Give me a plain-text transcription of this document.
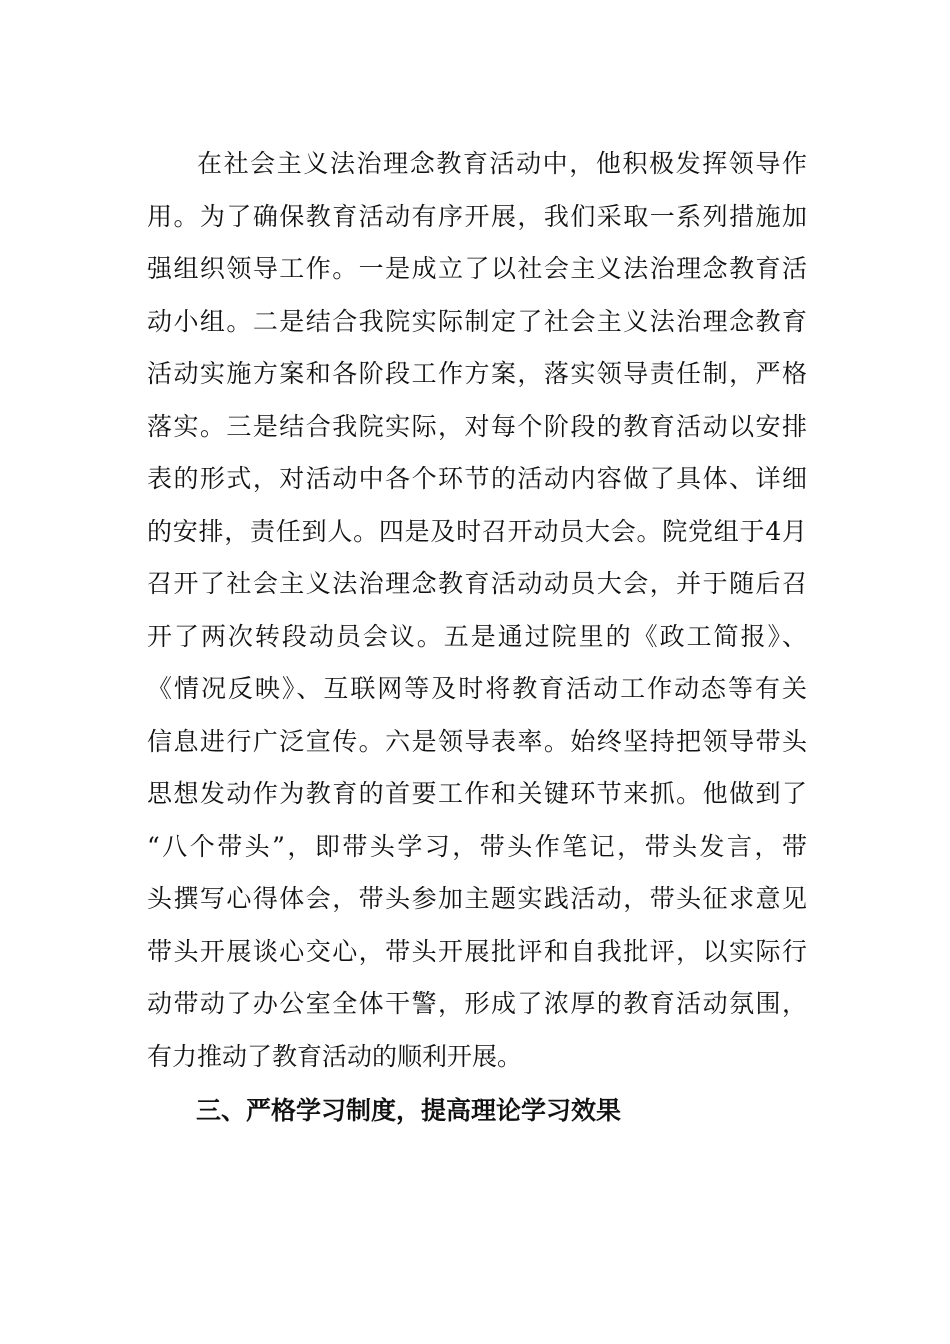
在社会主义法治理念教育活动中，他积极发挥领导作
用。为了确保教育活动有序开展，我们采取一系列措施加
强组织领导工作。一是成立了以社会主义法治理念教育活
动小组。二是结合我院实际制定了社会主义法治理念教育
活动实施方案和各阶段工作方案，落实领导责任制，严格
落实。三是结合我院实际，对每个阶段的教育活动以安排
表的形式，对活动中各个环节的活动内容做了具体、详细
的安排，责任到人。四是及时召开动员大会。院党组于4月
召开了社会主义法治理念教育活动动员大会，并于随后召
开了两次转段动员会议。五是通过院里的《政工简报》、
《情况反映》、互联网等及时将教育活动工作动态等有关
信息进行广泛宣传。六是领导表率。始终坚持把领导带头
思想发动作为教育的首要工作和关键环节来抓。他做到了
“八个带头”，即带头学习，带头作笔记，带头发言，带
头撰写心得体会，带头参加主题实践活动，带头征求意见
带头开展谈心交心，带头开展批评和自我批评，以实际行
动带动了办公室全体干警，形成了浓厚的教育活动氛围，
有力推动了教育活动的顺利开展。
三、严格学习制度，提高理论学习效果
